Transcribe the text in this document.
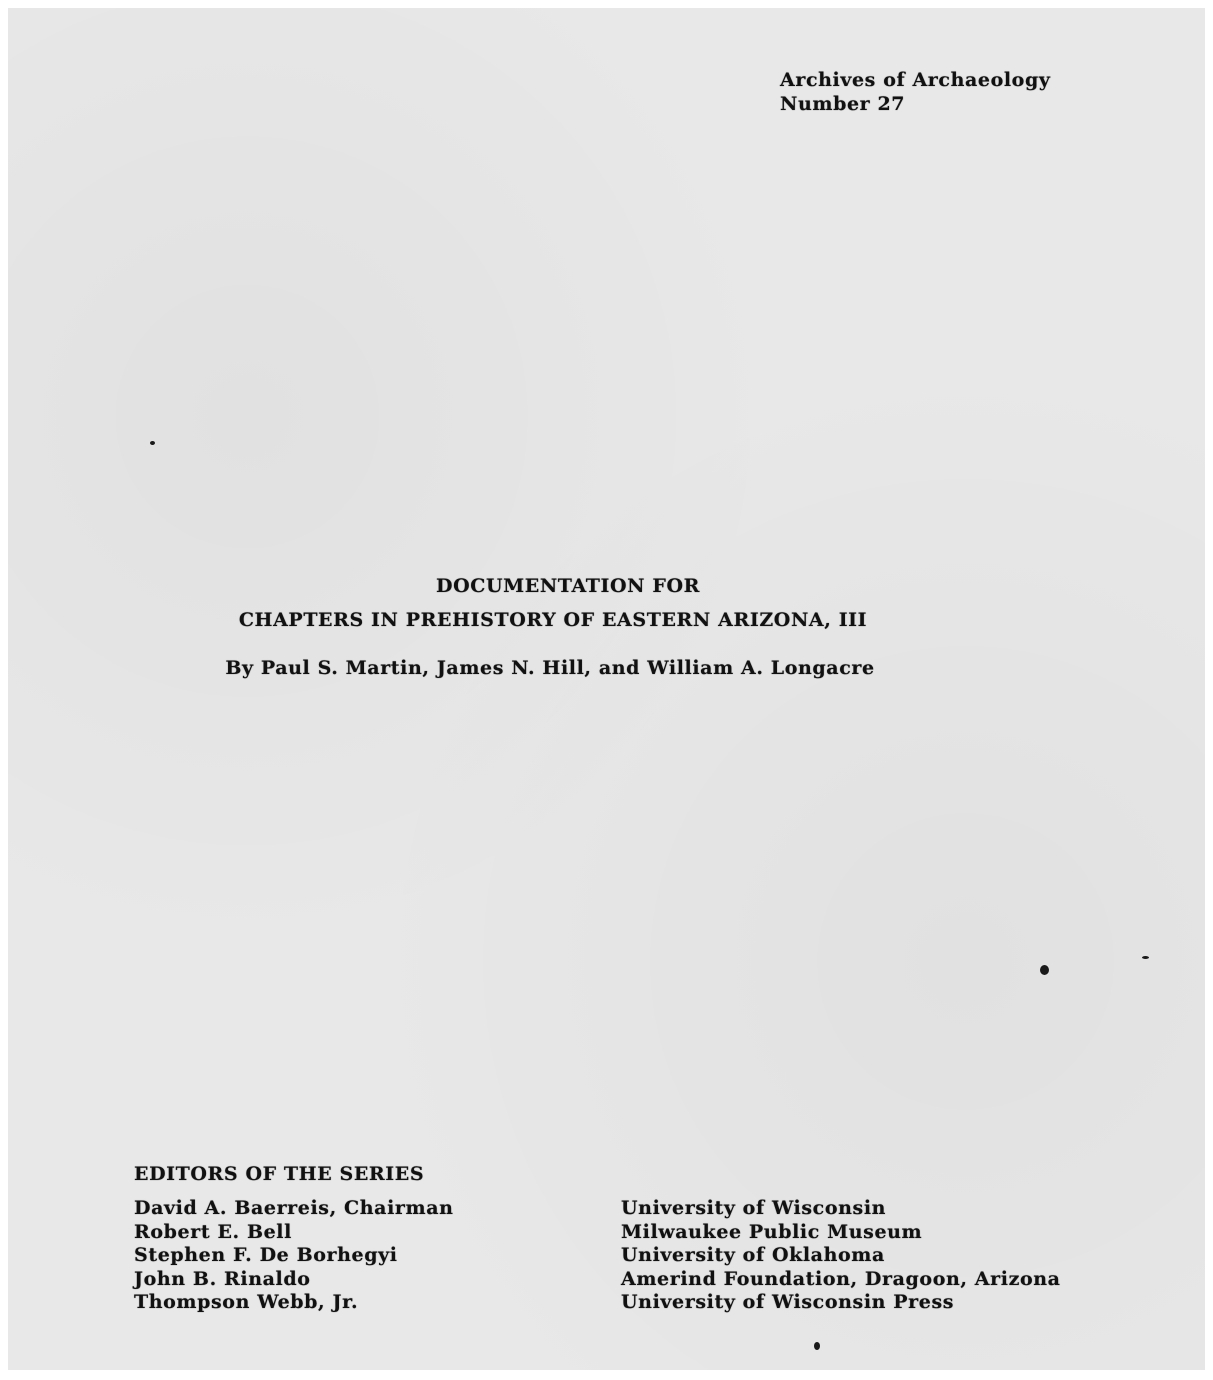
Archives of Archaeology
Number 27
DOCUMENTATION FOR
CHAPTERS IN PREHISTORY OF EASTERN ARIZONA, III
By Paul S. Martin, James N. Hill, and William A. Longacre
EDITORS OF THE SERIES
David A. Baerreis, Chairman
Robert E. Bell
Stephen F. De Borhegyi
John B. Rinaldo
Thompson Webb, Jr.
University of Wisconsin
Milwaukee Public Museum
University of Oklahoma
Amerind Foundation, Dragoon, Arizona
University of Wisconsin Press
